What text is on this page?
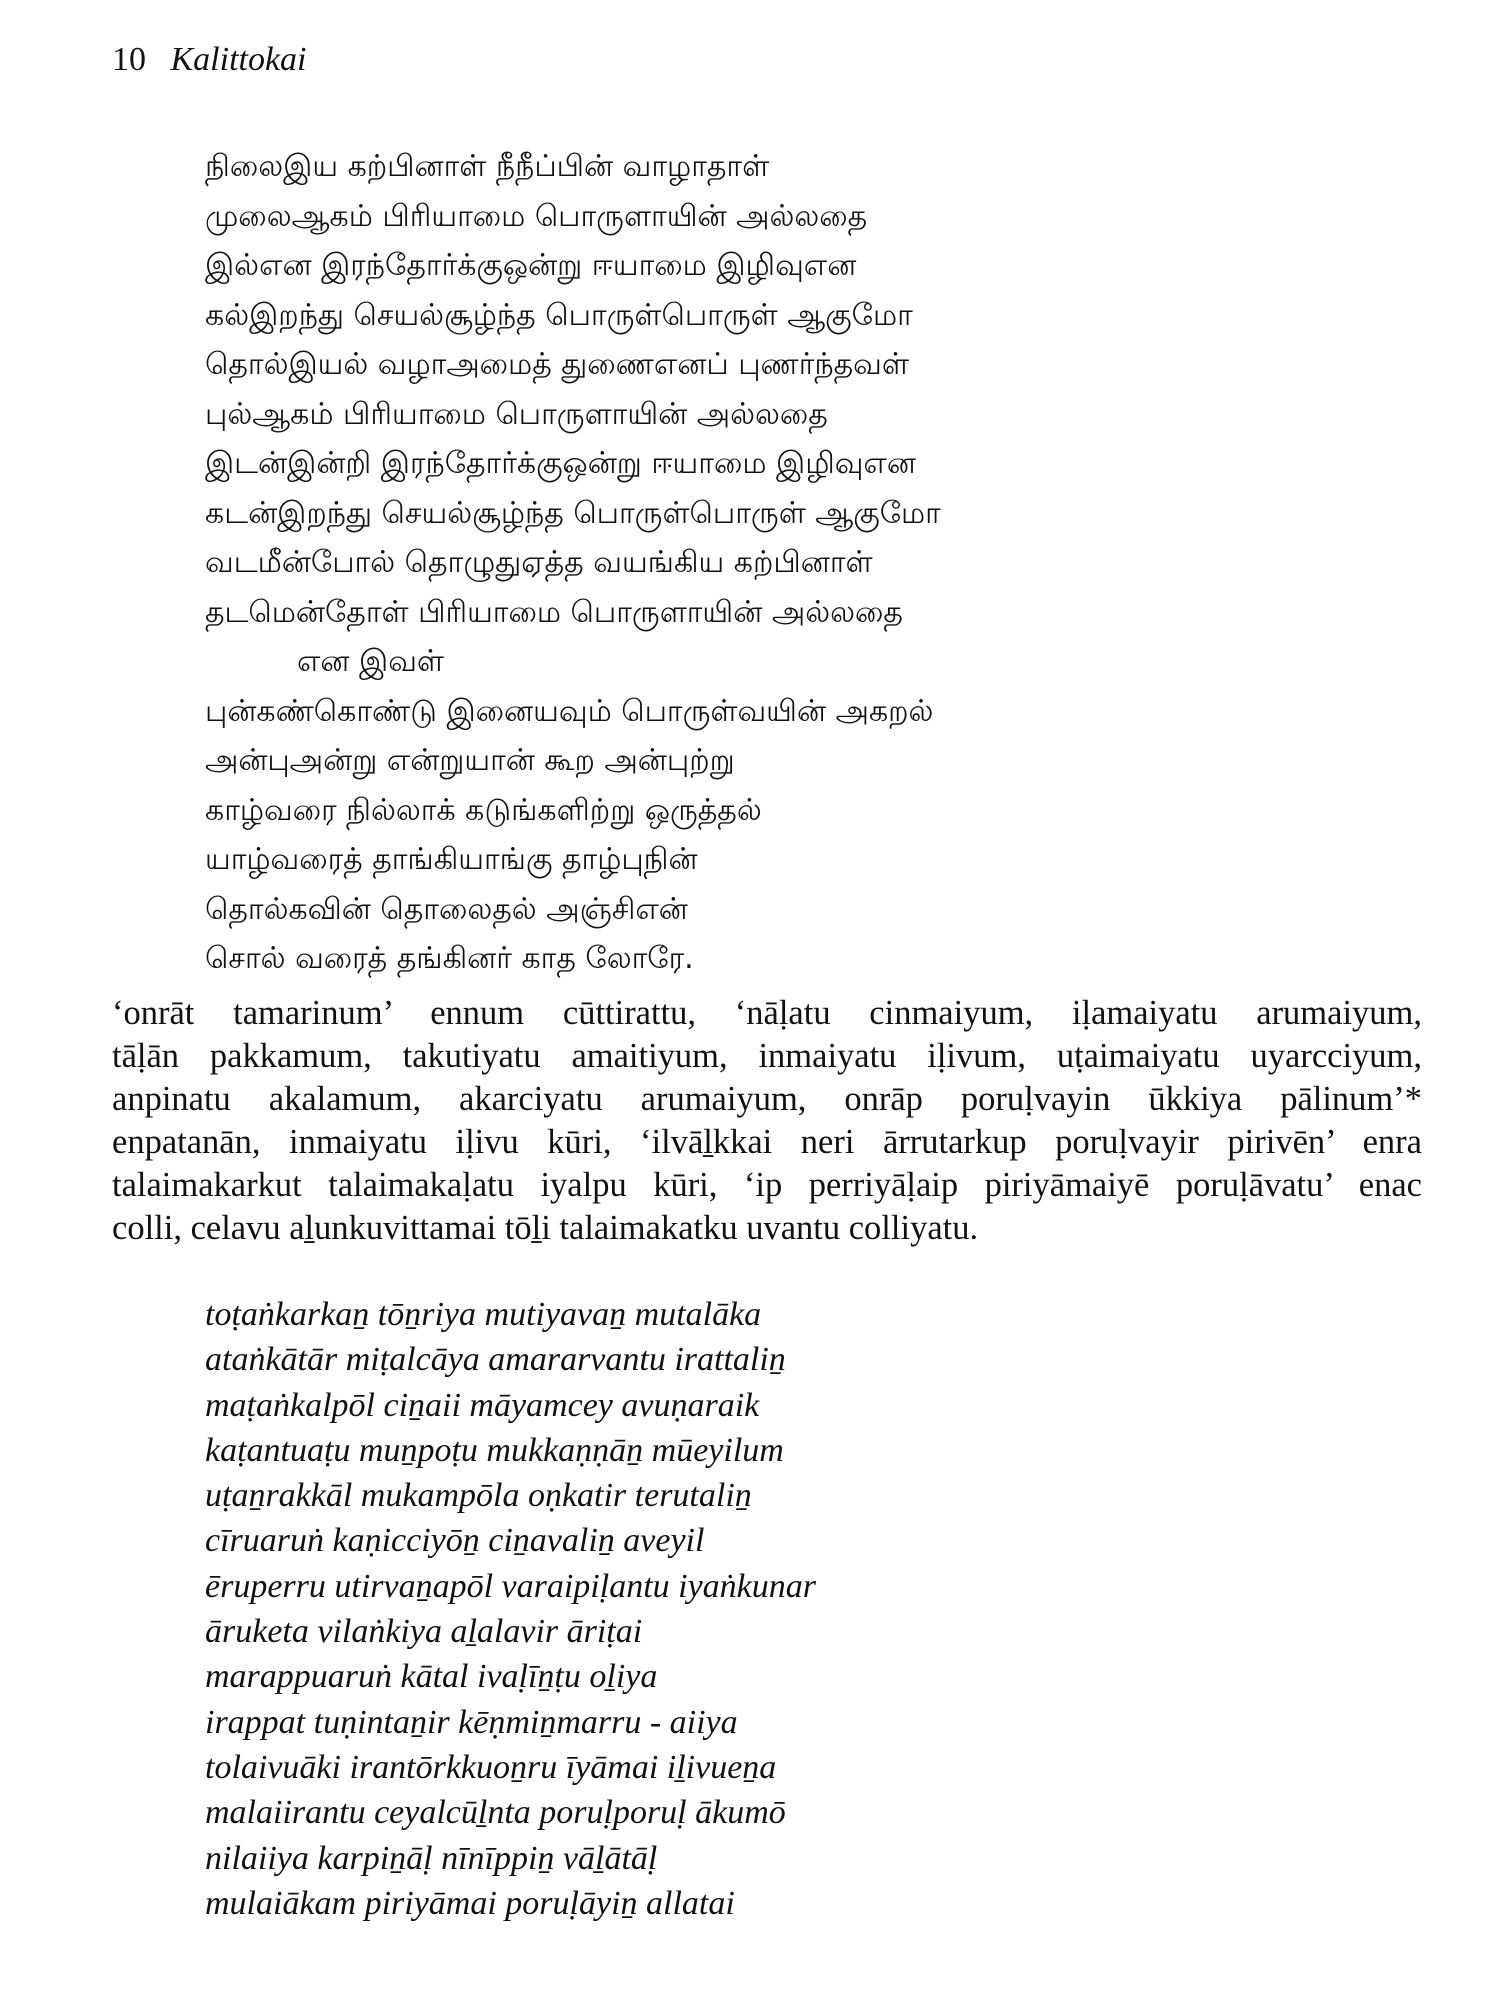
10 Kalittokai
நிலைஇய கற்பினாள் நீநீப்பின் வாழாதாள்
முலைஆகம் பிரியாமை பொருளாயின் அல்லதை
இல்என இரந்தோர்க்குஒன்று ஈயாமை இழிவுஎன
கல்இறந்து செயல்சூழ்ந்த பொருள்பொருள் ஆகுமோ
தொல்இயல் வழாஅமைத் துணைஎனப் புணர்ந்தவள்
புல்ஆகம் பிரியாமை பொருளாயின் அல்லதை
இடன்இன்றி இரந்தோர்க்குஒன்று ஈயாமை இழிவுஎன
கடன்இறந்து செயல்சூழ்ந்த பொருள்பொருள் ஆகுமோ
வடமீன்போல் தொழுதுஏத்த வயங்கிய கற்பினாள்
தடமென்தோள் பிரியாமை பொருளாயின் அல்லதை
என இவள்
புன்கண்கொண்டு இனையவும் பொருள்வயின் அகறல்
அன்புஅன்று என்றுயான் கூற அன்புற்று
காழ்வரை நில்லாக் கடுங்களிற்று ஒருத்தல்
யாழ்வரைத் தாங்கியாங்கு தாழ்புநின்
தொல்கவின் தொலைதல் அஞ்சிஎன்
சொல் வரைத் தங்கினர் காத லோரே.
‘onrāt tamarinum’ ennum cūttirattu, ‘nāḷatu cinmaiyum, iḷamaiyatu arumaiyum,
tāḷān pakkamum, takutiyatu amaitiyum, inmaiyatu iḷivum, uṭaimaiyatu uyarcciyum,
anpinatu akalamum, akarciyatu arumaiyum, onrāp poruḷvayin ūkkiya pālinum’*
enpatanān, inmaiyatu iḷivu kūri, ‘ilvāḻkkai neri ārrutarkup poruḷvayir pirivēn’ enra
talaimakarkut talaimakaḷatu iyalpu kūri, ‘ip perriyāḷaip piriyāmaiyē poruḷāvatu’ enac
colli, celavu aḻunkuvittamai tōḻi talaimakatku uvantu colliyatu.
toṭaṅkarkaṉ tōṉriya mutiyavaṉ mutalāka
ataṅkātār miṭalcāya amararvantu irattaliṉ
maṭaṅkalpōl ciṉaii māyamcey avuṇaraik
kaṭantuaṭu muṉpoṭu mukkaṇṇāṉ mūeyilum
uṭaṉrakkāl mukampōla oṇkatir terutaliṉ
cīruaruṅ kaṇicciyōṉ ciṉavaliṉ aveyil
ēruperru utirvaṉapōl varaipiḷantu iyaṅkunar
āruketa vilaṅkiya aḻalavir āriṭai
marappuaruṅ kātal ivaḷīṉṭu oḻiya
irappat tuṇintaṉir kēṇmiṉmarru - aiiya
tolaivuāki irantōrkkuoṉru īyāmai iḻivueṉa
malaiirantu ceyalcūḻnta poruḷporuḷ ākumō
nilaiiya karpiṉāḷ nīnīppiṉ vāḻātāḷ
mulaiākam piriyāmai poruḷāyiṉ allatai
